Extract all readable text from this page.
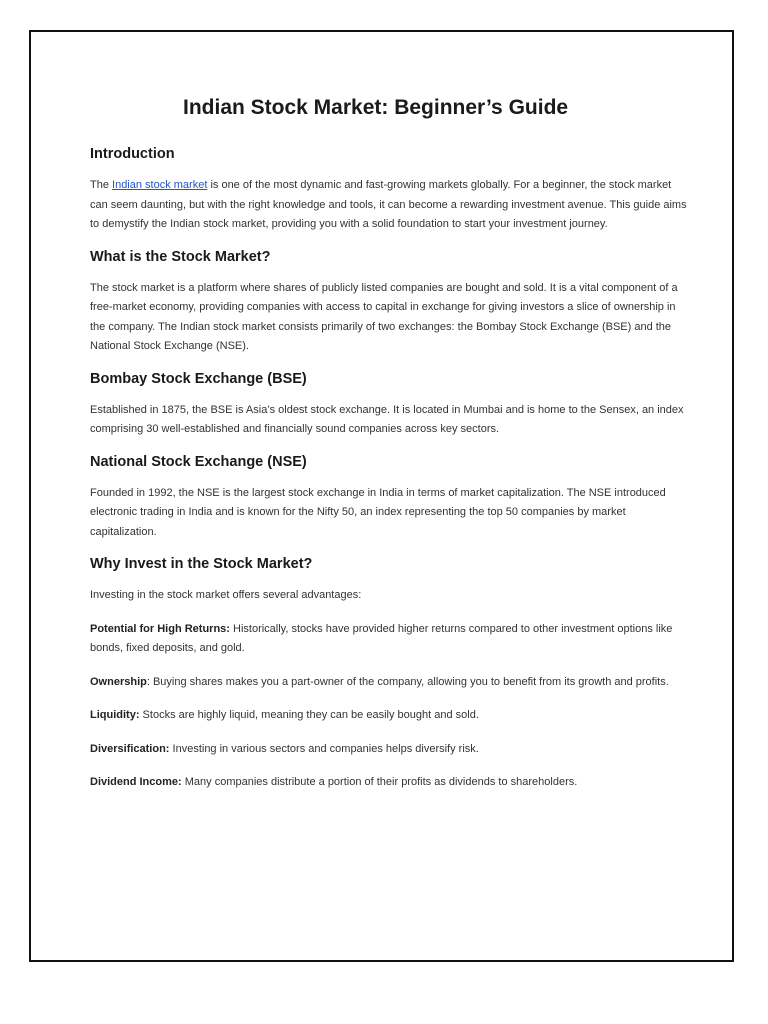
Indian Stock Market: Beginner’s Guide
Introduction

The Indian stock market is one of the most dynamic and fast-growing markets globally. For a beginner, the stock market can seem daunting, but with the right knowledge and tools, it can become a rewarding investment avenue. This guide aims to demystify the Indian stock market, providing you with a solid foundation to start your investment journey.

What is the Stock Market?

The stock market is a platform where shares of publicly listed companies are bought and sold. It is a vital component of a free-market economy, providing companies with access to capital in exchange for giving investors a slice of ownership in the company. The Indian stock market consists primarily of two exchanges: the Bombay Stock Exchange (BSE) and the National Stock Exchange (NSE).

Bombay Stock Exchange (BSE)

Established in 1875, the BSE is Asia’s oldest stock exchange. It is located in Mumbai and is home to the Sensex, an index comprising 30 well-established and financially sound companies across key sectors.

National Stock Exchange (NSE)

Founded in 1992, the NSE is the largest stock exchange in India in terms of market capitalization. The NSE introduced electronic trading in India and is known for the Nifty 50, an index representing the top 50 companies by market capitalization.

Why Invest in the Stock Market?

Investing in the stock market offers several advantages:

Potential for High Returns: Historically, stocks have provided higher returns compared to other investment options like bonds, fixed deposits, and gold.

Ownership: Buying shares makes you a part-owner of the company, allowing you to benefit from its growth and profits.

Liquidity: Stocks are highly liquid, meaning they can be easily bought and sold.

Diversification: Investing in various sectors and companies helps diversify risk.

Dividend Income: Many companies distribute a portion of their profits as dividends to shareholders.
